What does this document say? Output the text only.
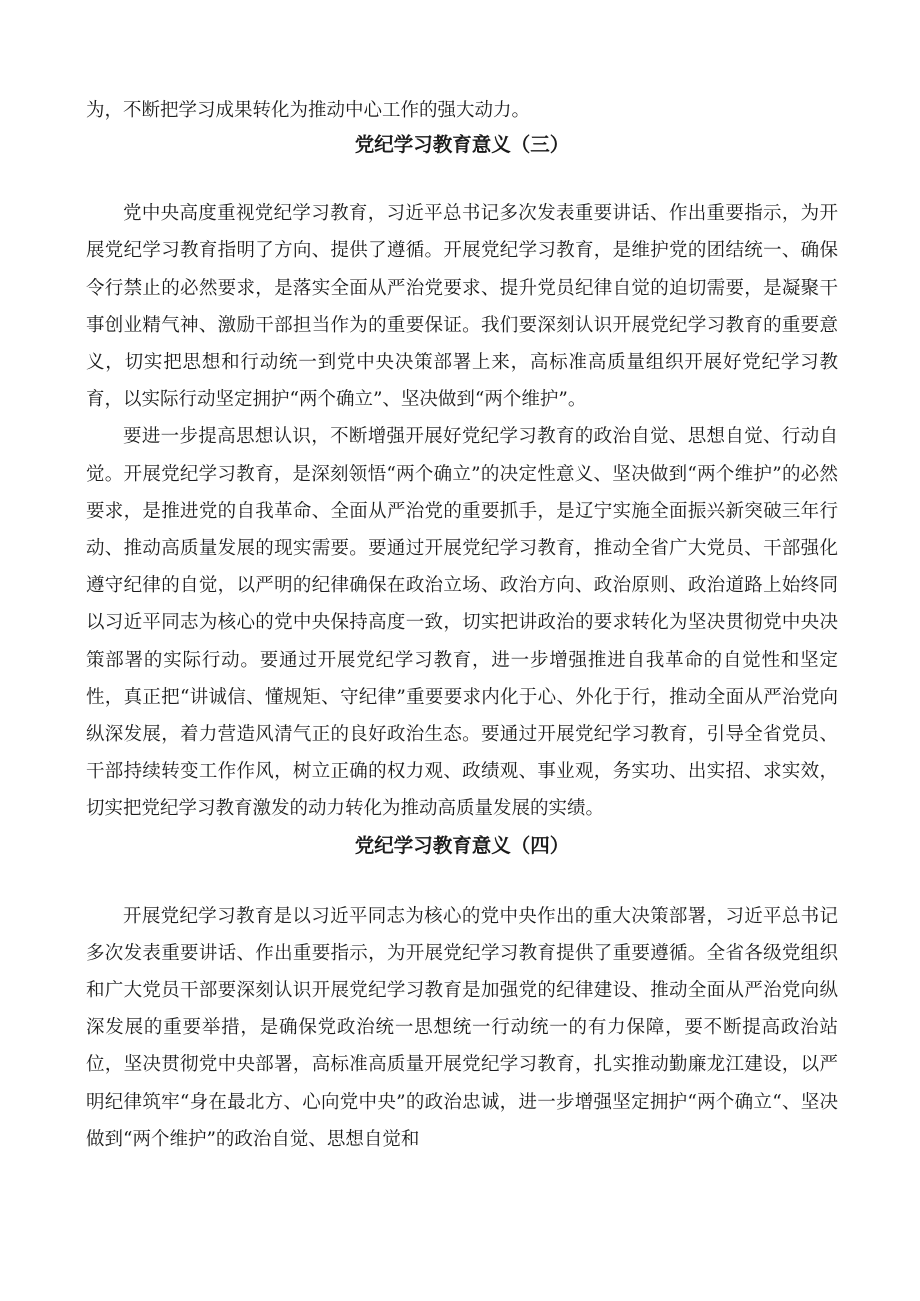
为，不断把学习成果转化为推动中心工作的强大动力。

党纪学习教育意义（三）

党中央高度重视党纪学习教育，习近平总书记多次发表重要讲话、作出重要指示，为开展党纪学习教育指明了方向、提供了遵循。开展党纪学习教育，是维护党的团结统一、确保令行禁止的必然要求，是落实全面从严治党要求、提升党员纪律自觉的迫切需要，是凝聚干事创业精气神、激励干部担当作为的重要保证。我们要深刻认识开展党纪学习教育的重要意义，切实把思想和行动统一到党中央决策部署上来，高标准高质量组织开展好党纪学习教育，以实际行动坚定拥护“两个确立”、坚决做到“两个维护”。

要进一步提高思想认识，不断增强开展好党纪学习教育的政治自觉、思想自觉、行动自觉。开展党纪学习教育，是深刻领悟“两个确立”的决定性意义、坚决做到“两个维护”的必然要求，是推进党的自我革命、全面从严治党的重要抓手，是辽宁实施全面振兴新突破三年行动、推动高质量发展的现实需要。要通过开展党纪学习教育，推动全省广大党员、干部强化遵守纪律的自觉，以严明的纪律确保在政治立场、政治方向、政治原则、政治道路上始终同以习近平同志为核心的党中央保持高度一致，切实把讲政治的要求转化为坚决贯彻党中央决策部署的实际行动。要通过开展党纪学习教育，进一步增强推进自我革命的自觉性和坚定性，真正把“讲诚信、懂规矩、守纪律”重要要求内化于心、外化于行，推动全面从严治党向纵深发展，着力营造风清气正的良好政治生态。要通过开展党纪学习教育，引导全省党员、干部持续转变工作作风，树立正确的权力观、政绩观、事业观，务实功、出实招、求实效，切实把党纪学习教育激发的动力转化为推动高质量发展的实绩。

党纪学习教育意义（四）

开展党纪学习教育是以习近平同志为核心的党中央作出的重大决策部署，习近平总书记多次发表重要讲话、作出重要指示，为开展党纪学习教育提供了重要遵循。全省各级党组织和广大党员干部要深刻认识开展党纪学习教育是加强党的纪律建设、推动全面从严治党向纵深发展的重要举措，是确保党政治统一思想统一行动统一的有力保障，要不断提高政治站位，坚决贯彻党中央部署，高标准高质量开展党纪学习教育，扎实推动勤廉龙江建设，以严明纪律筑牢“身在最北方、心向党中央”的政治忠诚，进一步增强坚定拥护“两个确立“、坚决做到“两个维护”的政治自觉、思想自觉和
